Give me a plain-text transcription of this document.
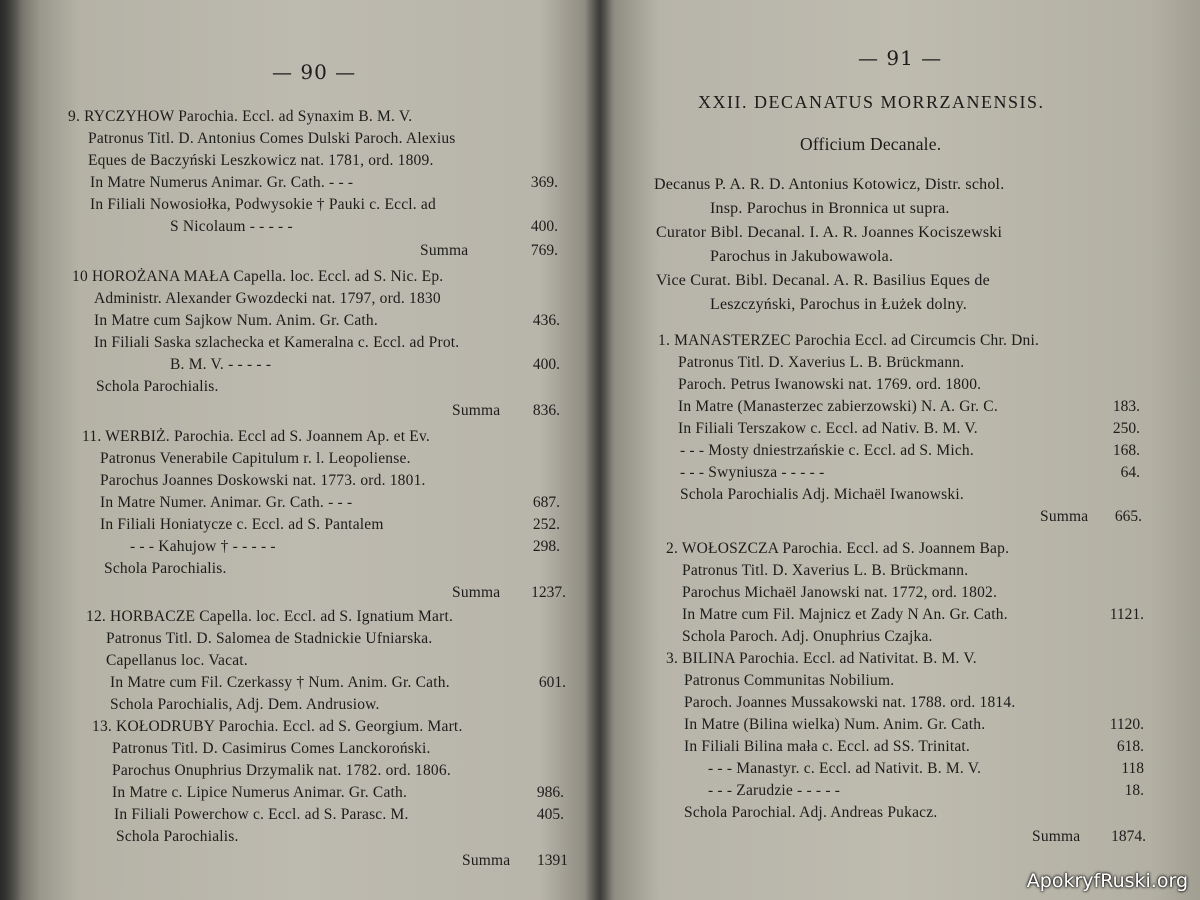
— 90 —
9. RYCZYHOW Parochia. Eccl. ad Synaxim B. M. V.
Patronus Titl. D. Antonius Comes Dulski Paroch. Alexius
Eques de Baczyński Leszkowicz nat. 1781, ord. 1809.
In Matre Numerus Animar. Gr. Cath. - - -	369.
In Filiali Nowosiołka, Podwysokie † Pauki c. Eccl. ad
S Nicolaum - - - - -	400.
Summa	769.
10 HOROŻANA MAŁA Capella. loc. Eccl. ad S. Nic. Ep.
Administr. Alexander Gwozdecki nat. 1797, ord. 1830
In Matre cum Sajkow Num. Anim. Gr. Cath.	436.
In Filiali Saska szlachecka et Kameralna c. Eccl. ad Prot.
B. M. V. - - - - -	400.
Schola Parochialis.
Summa 836.
11. WERBIŻ. Parochia. Eccl ad S. Joannem Ap. et Ev.
Patronus Venerabile Capitulum r. l. Leopoliense.
Parochus Joannes Doskowski nat. 1773. ord. 1801.
In Matre Numer. Animar. Gr. Cath. - - -	687.
In Filiali Honiatycze c. Eccl. ad S. Pantalem	252.
- - - Kahujow † - - - - -	298.
Schola Parochialis.
Summa 1237.
12. HORBACZE Capella. loc. Eccl. ad S. Ignatium Mart.
Patronus Titl. D. Salomea de Stadnickie Ufniarska.
Capellanus loc. Vacat.
In Matre cum Fil. Czerkassy † Num. Anim. Gr. Cath.	601.
Schola Parochialis, Adj. Dem. Andrusiow.
13. KOŁODRUBY Parochia. Eccl. ad S. Georgium. Mart.
Patronus Titl. D. Casimirus Comes Lanckoroński.
Parochus Onuphrius Drzymalik nat. 1782. ord. 1806.
In Matre c. Lipice Numerus Animar. Gr. Cath.	986.
In Filiali Powerchow c. Eccl. ad S. Parasc. M.	405.
Schola Parochialis.
Summa 1391
— 91 —
XXII. DECANATUS MORRZANENSIS.
Officium Decanale.
Decanus P. A. R. D. Antonius Kotowicz, Distr. schol.
Insp. Parochus in Bronnica ut supra.
Curator Bibl. Decanal. I. A. R. Joannes Kociszewski
Parochus in Jakubowawola.
Vice Curat. Bibl. Decanal. A. R. Basilius Eques de
Leszczyński, Parochus in Łużek dolny.
1. MANASTERZEC Parochia Eccl. ad Circumcis Chr. Dni.
Patronus Titl. D. Xaverius L. B. Brückmann.
Paroch. Petrus Iwanowski nat. 1769. ord. 1800.
In Matre (Manasterzec zabierzowski) N. A. Gr. C.	183.
In Filiali Terszakow c. Eccl. ad Nativ. B. M. V.	250.
- - - Mosty dniestrzańskie c. Eccl. ad S. Mich.	168.
- - - Swyniusza - - - - -	64.
Schola Parochialis Adj. Michaël Iwanowski.
Summa 665.
2. WOŁOSZCZA Parochia. Eccl. ad S. Joannem Bap.
Patronus Titl. D. Xaverius L. B. Brückmann.
Parochus Michaël Janowski nat. 1772, ord. 1802.
In Matre cum Fil. Majnicz et Zady N An. Gr. Cath.	1121.
Schola Paroch. Adj. Onuphrius Czajka.
3. BILINA Parochia. Eccl. ad Nativitat. B. M. V.
Patronus Communitas Nobilium.
Paroch. Joannes Mussakowski nat. 1788. ord. 1814.
In Matre (Bilina wielka) Num. Anim. Gr. Cath.	1120.
In Filiali Bilina mała c. Eccl. ad SS. Trinitat.	618.
- - - Manastyr. c. Eccl. ad Nativit. B. M. V.	118
- - - Zarudzie - - - - -	18.
Schola Parochial. Adj. Andreas Pukacz.
Summa 1874.
ApokryfRuski.org
